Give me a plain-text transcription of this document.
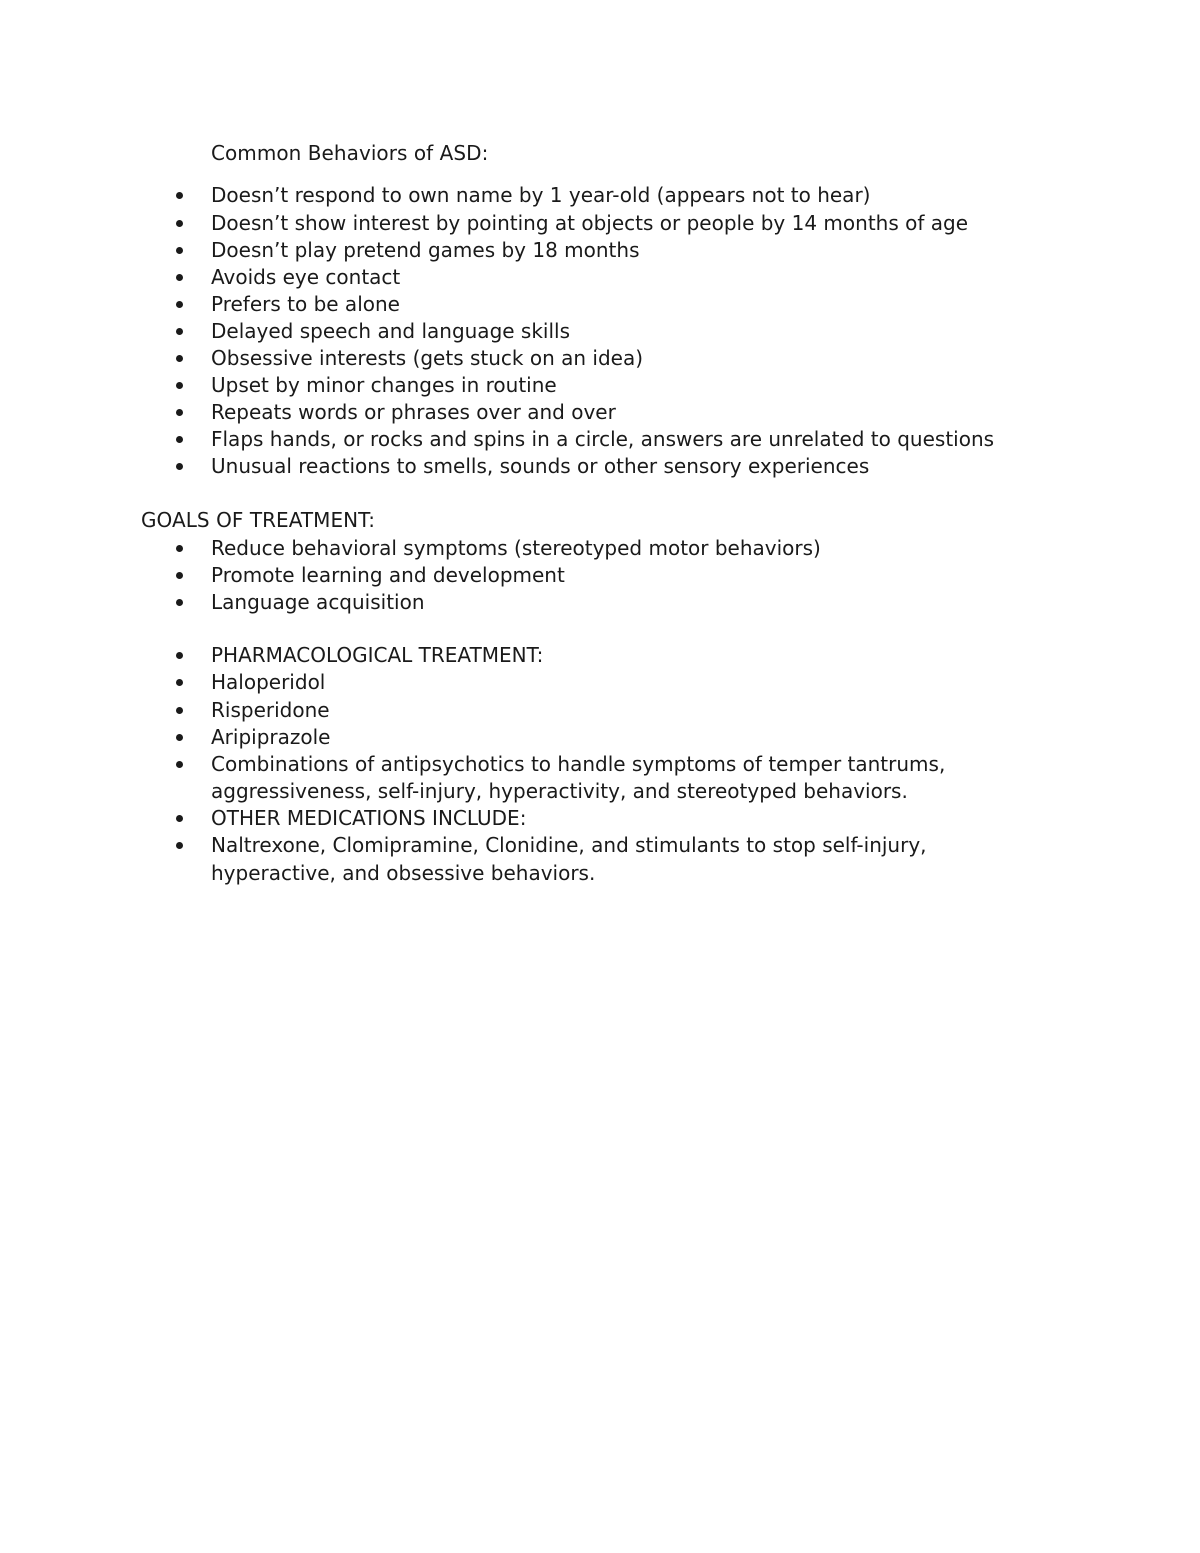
Common Behaviors of ASD:
Doesn’t respond to own name by 1 year-old (appears not to hear)
Doesn’t show interest by pointing at objects or people by 14 months of age
Doesn’t play pretend games by 18 months
Avoids eye contact
Prefers to be alone
Delayed speech and language skills
Obsessive interests (gets stuck on an idea)
Upset by minor changes in routine
Repeats words or phrases over and over
Flaps hands, or rocks and spins in a circle, answers are unrelated to questions
Unusual reactions to smells, sounds or other sensory experiences
GOALS OF TREATMENT:
Reduce behavioral symptoms (stereotyped motor behaviors)
Promote learning and development
Language acquisition
PHARMACOLOGICAL TREATMENT:
Haloperidol
Risperidone
Aripiprazole
Combinations of antipsychotics to handle symptoms of temper tantrums,
aggressiveness, self-injury, hyperactivity, and stereotyped behaviors.
OTHER MEDICATIONS INCLUDE:
Naltrexone, Clomipramine, Clonidine, and stimulants to stop self-injury,
hyperactive, and obsessive behaviors.
